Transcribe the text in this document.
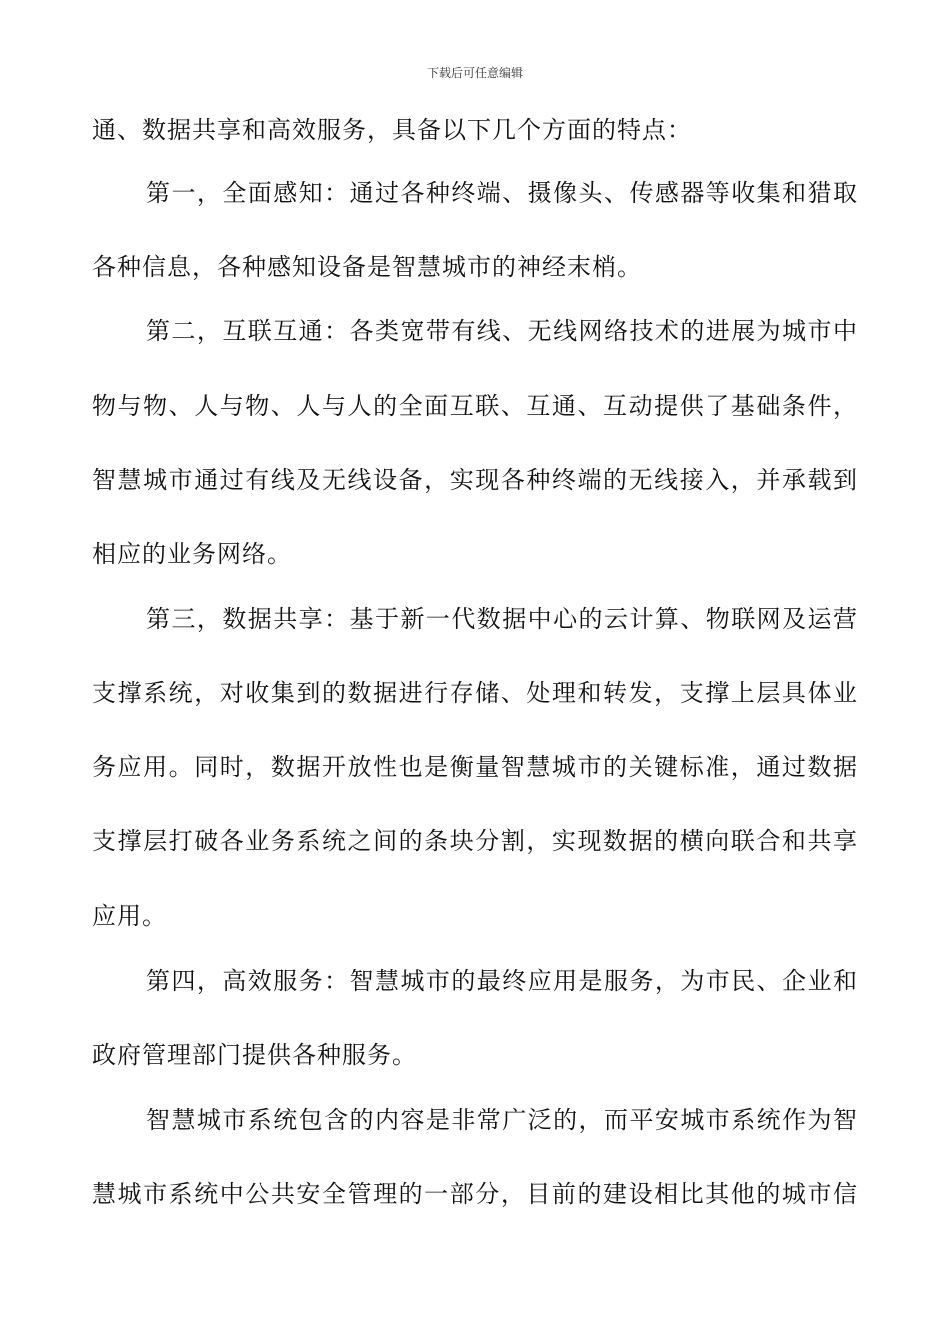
下载后可任意编辑
通、数据共享和高效服务，具备以下几个方面的特点：
第一，全面感知：通过各种终端、摄像头、传感器等收集和猎取
各种信息，各种感知设备是智慧城市的神经末梢。
第二，互联互通：各类宽带有线、无线网络技术的进展为城市中
物与物、人与物、人与人的全面互联、互通、互动提供了基础条件，
智慧城市通过有线及无线设备，实现各种终端的无线接入，并承载到
相应的业务网络。
第三，数据共享：基于新一代数据中心的云计算、物联网及运营
支撑系统，对收集到的数据进行存储、处理和转发，支撑上层具体业
务应用。同时，数据开放性也是衡量智慧城市的关键标准，通过数据
支撑层打破各业务系统之间的条块分割，实现数据的横向联合和共享
应用。
第四，高效服务：智慧城市的最终应用是服务，为市民、企业和
政府管理部门提供各种服务。
智慧城市系统包含的内容是非常广泛的，而平安城市系统作为智
慧城市系统中公共安全管理的一部分，目前的建设相比其他的城市信
